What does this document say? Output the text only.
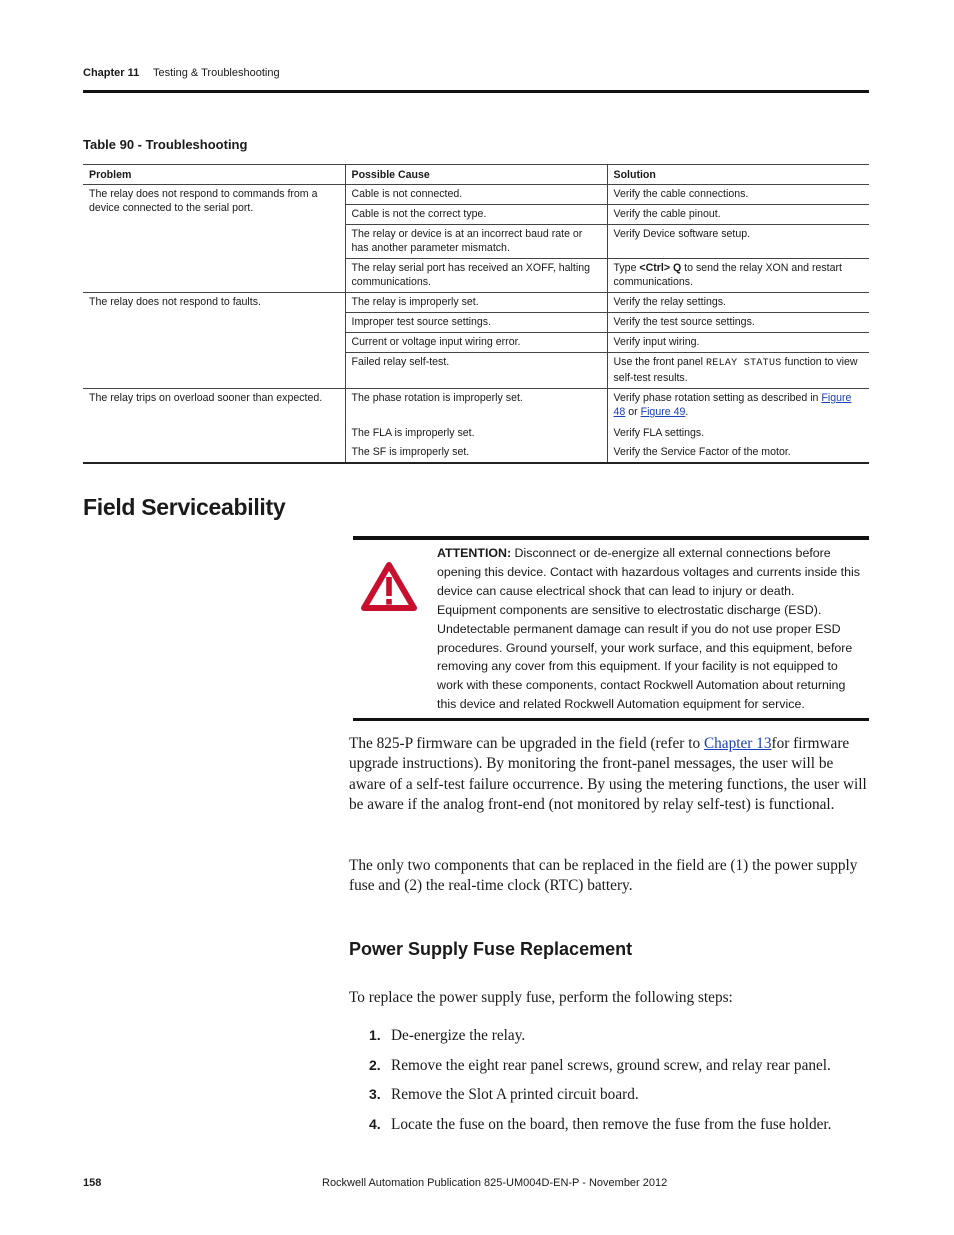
Chapter 11 Testing & Troubleshooting
Table 90 - Troubleshooting
Problem	Possible Cause	Solution
The relay does not respond to commands from a device connected to the serial port.	Cable is not connected.	Verify the cable connections.
	Cable is not the correct type.	Verify the cable pinout.
	The relay or device is at an incorrect baud rate or has another parameter mismatch.	Verify Device software setup.
	The relay serial port has received an XOFF, halting communications.	Type <Ctrl> Q to send the relay XON and restart communications.
The relay does not respond to faults.	The relay is improperly set.	Verify the relay settings.
	Improper test source settings.	Verify the test source settings.
	Current or voltage input wiring error.	Verify input wiring.
	Failed relay self-test.	Use the front panel RELAY STATUS function to view self-test results.
The relay trips on overload sooner than expected.	The phase rotation is improperly set.	Verify phase rotation setting as described in Figure 48 or Figure 49.
	The FLA is improperly set.	Verify FLA settings.
	The SF is improperly set.	Verify the Service Factor of the motor.
Field Serviceability
ATTENTION: Disconnect or de-energize all external connections before opening this device. Contact with hazardous voltages and currents inside this device can cause electrical shock that can lead to injury or death.
Equipment components are sensitive to electrostatic discharge (ESD). Undetectable permanent damage can result if you do not use proper ESD procedures. Ground yourself, your work surface, and this equipment, before removing any cover from this equipment. If your facility is not equipped to work with these components, contact Rockwell Automation about returning this device and related Rockwell Automation equipment for service.
The 825-P firmware can be upgraded in the field (refer to Chapter 13for firmware upgrade instructions). By monitoring the front-panel messages, the user will be aware of a self-test failure occurrence. By using the metering functions, the user will be aware if the analog front-end (not monitored by relay self-test) is functional.
The only two components that can be replaced in the field are (1) the power supply fuse and (2) the real-time clock (RTC) battery.
Power Supply Fuse Replacement
To replace the power supply fuse, perform the following steps:
1. De-energize the relay.
2. Remove the eight rear panel screws, ground screw, and relay rear panel.
3. Remove the Slot A printed circuit board.
4. Locate the fuse on the board, then remove the fuse from the fuse holder.
158	Rockwell Automation Publication 825-UM004D-EN-P - November 2012
